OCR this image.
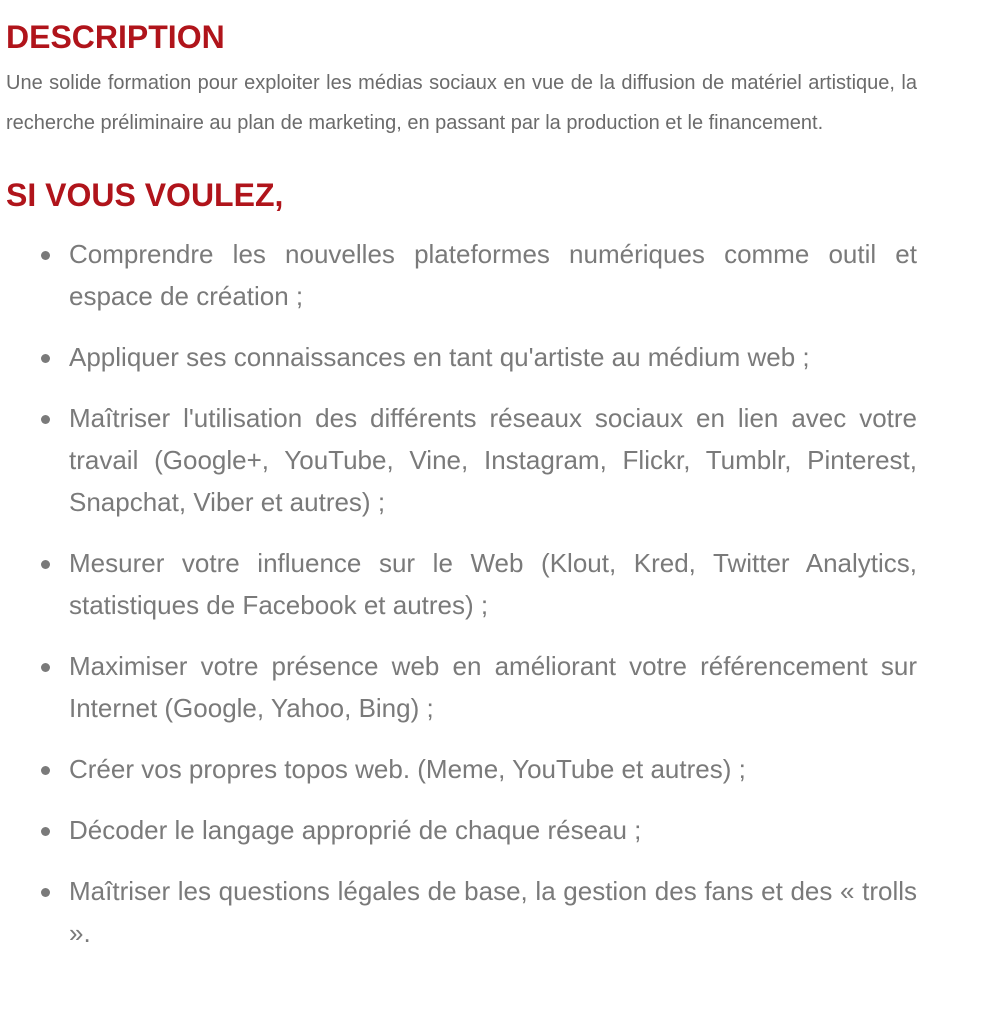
DESCRIPTION

Une solide formation pour exploiter les médias sociaux en vue de la diffusion de matériel artistique, la recherche préliminaire au plan de marketing, en passant par la production et le financement.

SI VOUS VOULEZ,
Comprendre les nouvelles plateformes numériques comme outil et espace de création ;
Appliquer ses connaissances en tant qu'artiste au médium web ;
Maîtriser l'utilisation des différents réseaux sociaux en lien avec votre travail (Google+, YouTube, Vine, Instagram, Flickr, Tumblr, Pinterest, Snapchat, Viber et autres) ;
Mesurer votre influence sur le Web (Klout, Kred, Twitter Analytics, statistiques de Facebook et autres) ;
Maximiser votre présence web en améliorant votre référencement sur Internet (Google, Yahoo, Bing) ;
Créer vos propres topos web. (Meme, YouTube et autres) ;
Décoder le langage approprié de chaque réseau ;
Maîtriser les questions légales de base, la gestion des fans et des « trolls ».
